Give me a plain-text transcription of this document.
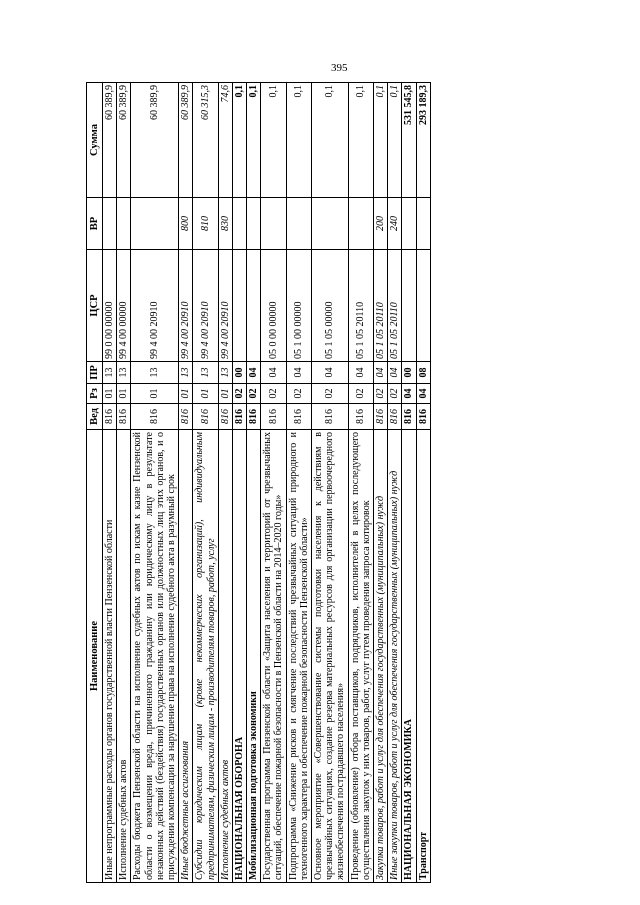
395
Наименование	Вед	Рз	ПР	ЦСР	ВР	Сумма
Иные непрограммные расходы органов государственной власти Пензенской области	816	01	13	99 0 00 00000		60 389,9
Исполнение судебных актов	816	01	13	99 4 00 00000		60 389,9
Расходы бюджета Пензенской области на исполнение судебных актов по искам к казне Пензенской области о возмещении вреда, причиненного гражданину или юридическому лицу в результате незаконных действий (бездействия) государственных органов или должностных лиц этих органов, и о присуждении компенсации за нарушение права на исполнение судебного акта в разумный срок	816	01	13	99 4 00 20910		60 389,9
Иные бюджетные ассигнования	816	01	13	99 4 00 20910	800	60 389,9
Субсидии юридическим лицам (кроме некоммерческих организаций), индивидуальным предпринимателям, физическим лицам - производителям товаров, работ, услуг	816	01	13	99 4 00 20910	810	60 315,3
Исполнение судебных актов	816	01	13	99 4 00 20910	830	74,6
НАЦИОНАЛЬНАЯ ОБОРОНА	816	02	00			0,1
Мобилизационная подготовка экономики	816	02	04			0,1
Государственная программа Пензенской области «Защита населения и территорий от чрезвычайных ситуаций, обеспечение пожарной безопасности в Пензенской области на 2014–2020 годы»	816	02	04	05 0 00 00000		0,1
Подпрограмма «Снижение рисков и смягчение последствий чрезвычайных ситуаций природного и техногенного характера и обеспечение пожарной безопасности Пензенской области»	816	02	04	05 1 00 00000		0,1
Основное мероприятие «Совершенствование системы подготовки населения к действиям в чрезвычайных ситуациях, создание резерва материальных ресурсов для организации первоочередного жизнеобеспечения пострадавшего населения»	816	02	04	05 1 05 00000		0,1
Проведение (обновление) отбора поставщиков, подрядчиков, исполнителей в целях последующего осуществления закупок у них товаров, работ, услуг путем проведения запроса котировок	816	02	04	05 1 05 20110		0,1
Закупка товаров, работ и услуг для обеспечения государственных (муниципальных) нужд	816	02	04	05 1 05 20110	200	0,1
Иные закупки товаров, работ и услуг для обеспечения государственных (муниципальных) нужд	816	02	04	05 1 05 20110	240	0,1
НАЦИОНАЛЬНАЯ ЭКОНОМИКА	816	04	00			531 545,8
Транспорт	816	04	08			293 189,3
